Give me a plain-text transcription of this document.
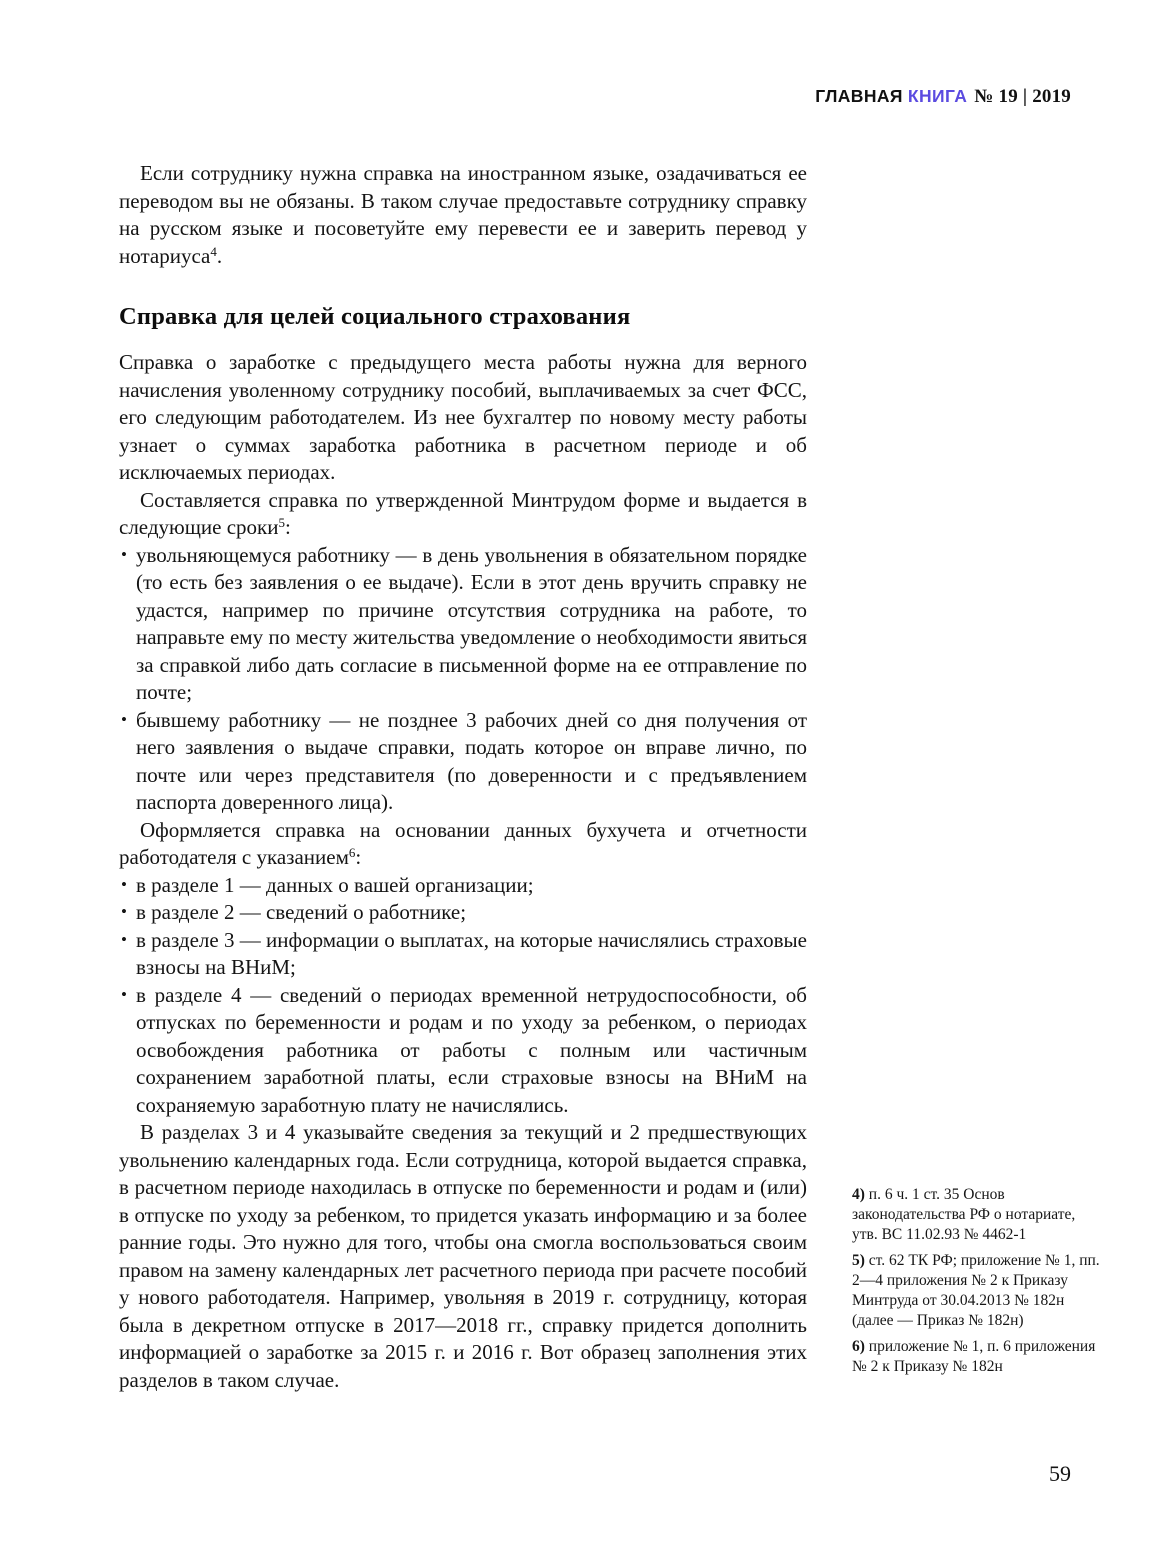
ГЛАВНАЯ КНИГА № 19 | 2019

Если сотруднику нужна справка на иностранном языке, озадачиваться ее переводом вы не обязаны. В таком случае предоставьте сотруднику справку на русском языке и посоветуйте ему перевести ее и заверить перевод у нотариуса$^4$.

Справка для целей социального страхования

Справка о заработке с предыдущего места работы нужна для верного начисления уволенному сотруднику пособий, выплачиваемых за счет ФСС, его следующим работодателем. Из нее бухгалтер по новому месту работы узнает о суммах заработка работника в расчетном периоде и об исключаемых периодах.

Составляется справка по утвержденной Минтрудом форме и выдается в следующие сроки$^5$:

• увольняющемуся работнику — в день увольнения в обязательном порядке (то есть без заявления о ее выдаче). Если в этот день вручить справку не удастся, например по причине отсутствия сотрудника на работе, то направьте ему по месту жительства уведомление о необходимости явиться за справкой либо дать согласие в письменной форме на ее отправление по почте;
• бывшему работнику — не позднее 3 рабочих дней со дня получения от него заявления о выдаче справки, подать которое он вправе лично, по почте или через представителя (по доверенности и с предъявлением паспорта доверенного лица).

Оформляется справка на основании данных бухучета и отчетности работодателя с указанием$^6$:

• в разделе 1 — данных о вашей организации;
• в разделе 2 — сведений о работнике;
• в разделе 3 — информации о выплатах, на которые начислялись страховые взносы на ВНиМ;
• в разделе 4 — сведений о периодах временной нетрудоспособности, об отпусках по беременности и родам и по уходу за ребенком, о периодах освобождения работника от работы с полным или частичным сохранением заработной платы, если страховые взносы на ВНиМ на сохраняемую заработную плату не начислялись.

В разделах 3 и 4 указывайте сведения за текущий и 2 предшествующих увольнению календарных года. Если сотрудница, которой выдается справка, в расчетном периоде находилась в отпуске по беременности и родам и (или) в отпуске по уходу за ребенком, то придется указать информацию и за более ранние годы. Это нужно для того, чтобы она смогла воспользоваться своим правом на замену календарных лет расчетного периода при расчете пособий у нового работодателя. Например, увольняя в 2019 г. сотрудницу, которая была в декретном отпуске в 2017—2018 гг., справку придется дополнить информацией о заработке за 2015 г. и 2016 г. Вот образец заполнения этих разделов в таком случае.

4) п. 6 ч. 1 ст. 35 Основ законодательства РФ о нотариате, утв. ВС 11.02.93 № 4462-1
5) ст. 62 ТК РФ; приложение № 1, пп. 2—4 приложения № 2 к Приказу Минтруда от 30.04.2013 № 182н (далее — Приказ № 182н)
6) приложение № 1, п. 6 приложения № 2 к Приказу № 182н
59
